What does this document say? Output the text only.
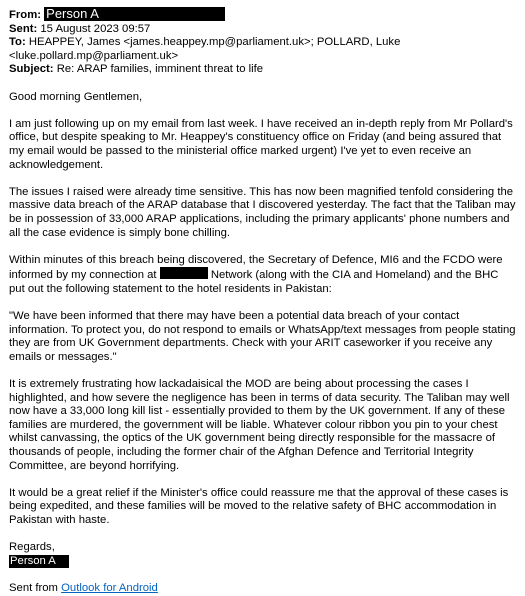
From: Person A
Sent: 15 August 2023 09:57
To: HEAPPEY, James <james.heappey.mp@parliament.uk>; POLLARD, Luke <luke.pollard.mp@parliament.uk>
Subject: Re: ARAP families, imminent threat to life

Good morning Gentlemen,

I am just following up on my email from last week. I have received an in-depth reply from Mr Pollard's office, but despite speaking to Mr. Heappey's constituency office on Friday (and being assured that my email would be passed to the ministerial office marked urgent) I've yet to even receive an acknowledgement.

The issues I raised were already time sensitive. This has now been magnified tenfold considering the massive data breach of the ARAP database that I discovered yesterday. The fact that the Taliban may be in possession of 33,000 ARAP applications, including the primary applicants' phone numbers and all the case evidence is simply bone chilling.

Within minutes of this breach being discovered, the Secretary of Defence, MI6 and the FCDO were informed by my connection at	Network (along with the CIA and Homeland) and the BHC put out the following statement to the hotel residents in Pakistan:

"We have been informed that there may have been a potential data breach of your contact information. To protect you, do not respond to emails or WhatsApp/text messages from people stating they are from UK Government departments. Check with your ARIT caseworker if you receive any emails or messages."

It is extremely frustrating how lackadaisical the MOD are being about processing the cases I highlighted, and how severe the negligence has been in terms of data security. The Taliban may well now have a 33,000 long kill list - essentially provided to them by the UK government. If any of these families are murdered, the government will be liable. Whatever colour ribbon you pin to your chest whilst canvassing, the optics of the UK government being directly responsible for the massacre of thousands of people, including the former chair of the Afghan Defence and Territorial Integrity Committee, are beyond horrifying.

It would be a great relief if the Minister's office could reassure me that the approval of these cases is being expedited, and these families will be moved to the relative safety of BHC accommodation in Pakistan with haste.

Regards,
Person A
Sent from Outlook for Android
